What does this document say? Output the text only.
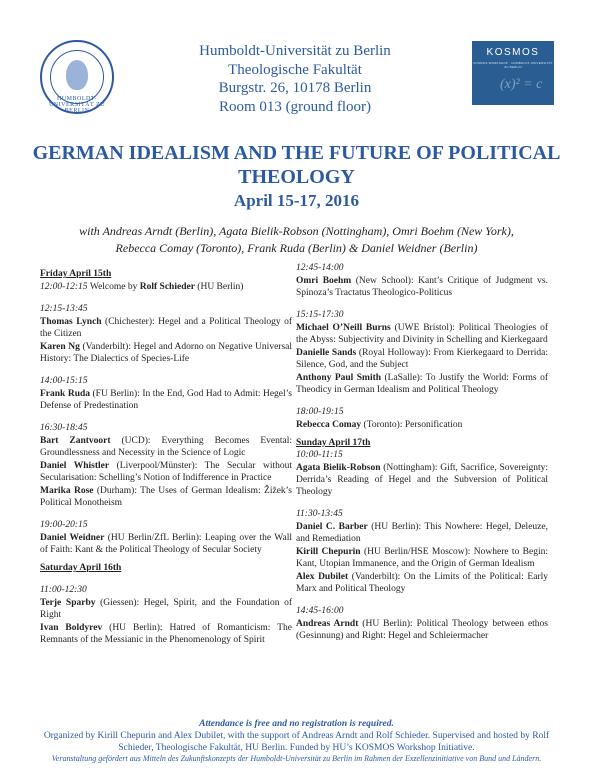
HUMBOLDT-UNIVERSITÄT ZU BERLIN
Humboldt-Universität zu Berlin
Theologische Fakultät
Burgstr. 26, 10178 Berlin
Room 013 (ground floor)
KOSMOS
KOSMOS WORKSHOP · HUMBOLDT-UNIVERSITÄT ZU BERLIN
(x)² = c
GERMAN IDEALISM AND THE FUTURE OF POLITICAL THEOLOGY
April 15-17, 2016
with Andreas Arndt (Berlin), Agata Bielik-Robson (Nottingham), Omri Boehm (New York),
Rebecca Comay (Toronto), Frank Ruda (Berlin) & Daniel Weidner (Berlin)
Friday April 15th
12:00-12:15 Welcome by Rolf Schieder (HU Berlin)
12:15-13:45
Thomas Lynch (Chichester): Hegel and a Political Theology of the Citizen
Karen Ng (Vanderbilt): Hegel and Adorno on Negative Universal History: The Dialectics of Species-Life
14:00-15:15
Frank Ruda (FU Berlin): In the End, God Had to Admit: Hegel’s Defense of Predestination
16:30-18:45
Bart Zantvoort (UCD): Everything Becomes Evental: Groundlessness and Necessity in the Science of Logic
Daniel Whistler (Liverpool/Münster): The Secular without Secularisation: Schelling’s Notion of Indifference in Practice
Marika Rose (Durham): The Uses of German Idealism: Žižek’s Political Monotheism
19:00-20:15
Daniel Weidner (HU Berlin/ZfL Berlin): Leaping over the Wall of Faith: Kant & the Political Theology of Secular Society
Saturday April 16th
11:00-12:30
Terje Sparby (Giessen): Hegel, Spirit, and the Foundation of Right
Ivan Boldyrev (HU Berlin): Hatred of Romanticism: The Remnants of the Messianic in the Phenomenology of Spirit
12:45-14:00
Omri Boehm (New School): Kant’s Critique of Judgment vs. Spinoza’s Tractatus Theologico-Politicus
15:15-17:30
Michael O’Neill Burns (UWE Bristol): Political Theologies of the Abyss: Subjectivity and Divinity in Schelling and Kierkegaard
Danielle Sands (Royal Holloway): From Kierkegaard to Derrida: Silence, God, and the Subject
Anthony Paul Smith (LaSalle): To Justify the World: Forms of Theodicy in German Idealism and Political Theology
18:00-19:15
Rebecca Comay (Toronto): Personification
Sunday April 17th
10:00-11:15
Agata Bielik-Robson (Nottingham): Gift, Sacrifice, Sovereignty: Derrida’s Reading of Hegel and the Subversion of Political Theology
11:30-13:45
Daniel C. Barber (HU Berlin): This Nowhere: Hegel, Deleuze, and Remediation
Kirill Chepurin (HU Berlin/HSE Moscow): Nowhere to Begin: Kant, Utopian Immanence, and the Origin of German Idealism
Alex Dubilet (Vanderbilt): On the Limits of the Political: Early Marx and Political Theology
14:45-16:00
Andreas Arndt (HU Berlin): Political Theology between ethos (Gesinnung) and Right: Hegel and Schleiermacher
Attendance is free and no registration is required.
Organized by Kirill Chepurin and Alex Dubilet, with the support of Andreas Arndt and Rolf Schieder. Supervised and hosted by Rolf Schieder, Theologische Fakultät, HU Berlin. Funded by HU’s KOSMOS Workshop Initiative.
Veranstaltung gefördert aus Mitteln des Zukunftskonzepts der Humboldt-Universität zu Berlin im Rahmen der Exzellenzinitiative von Bund und Ländern.
